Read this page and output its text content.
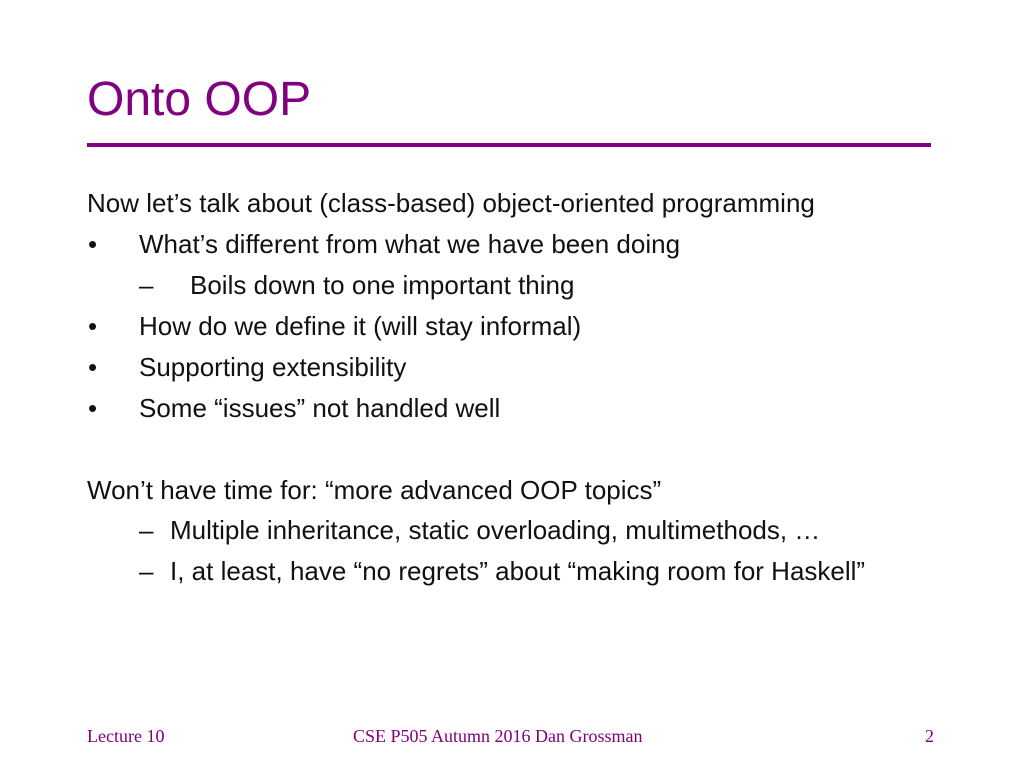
Onto OOP
Now let’s talk about (class-based) object-oriented programming
• What’s different from what we have been doing
– Boils down to one important thing
• How do we define it (will stay informal)
• Supporting extensibility
• Some “issues” not handled well
Won’t have time for: “more advanced OOP topics”
– Multiple inheritance, static overloading, multimethods, …
– I, at least, have “no regrets” about “making room for Haskell”
Lecture 10	CSE P505 Autumn 2016 Dan Grossman	2
